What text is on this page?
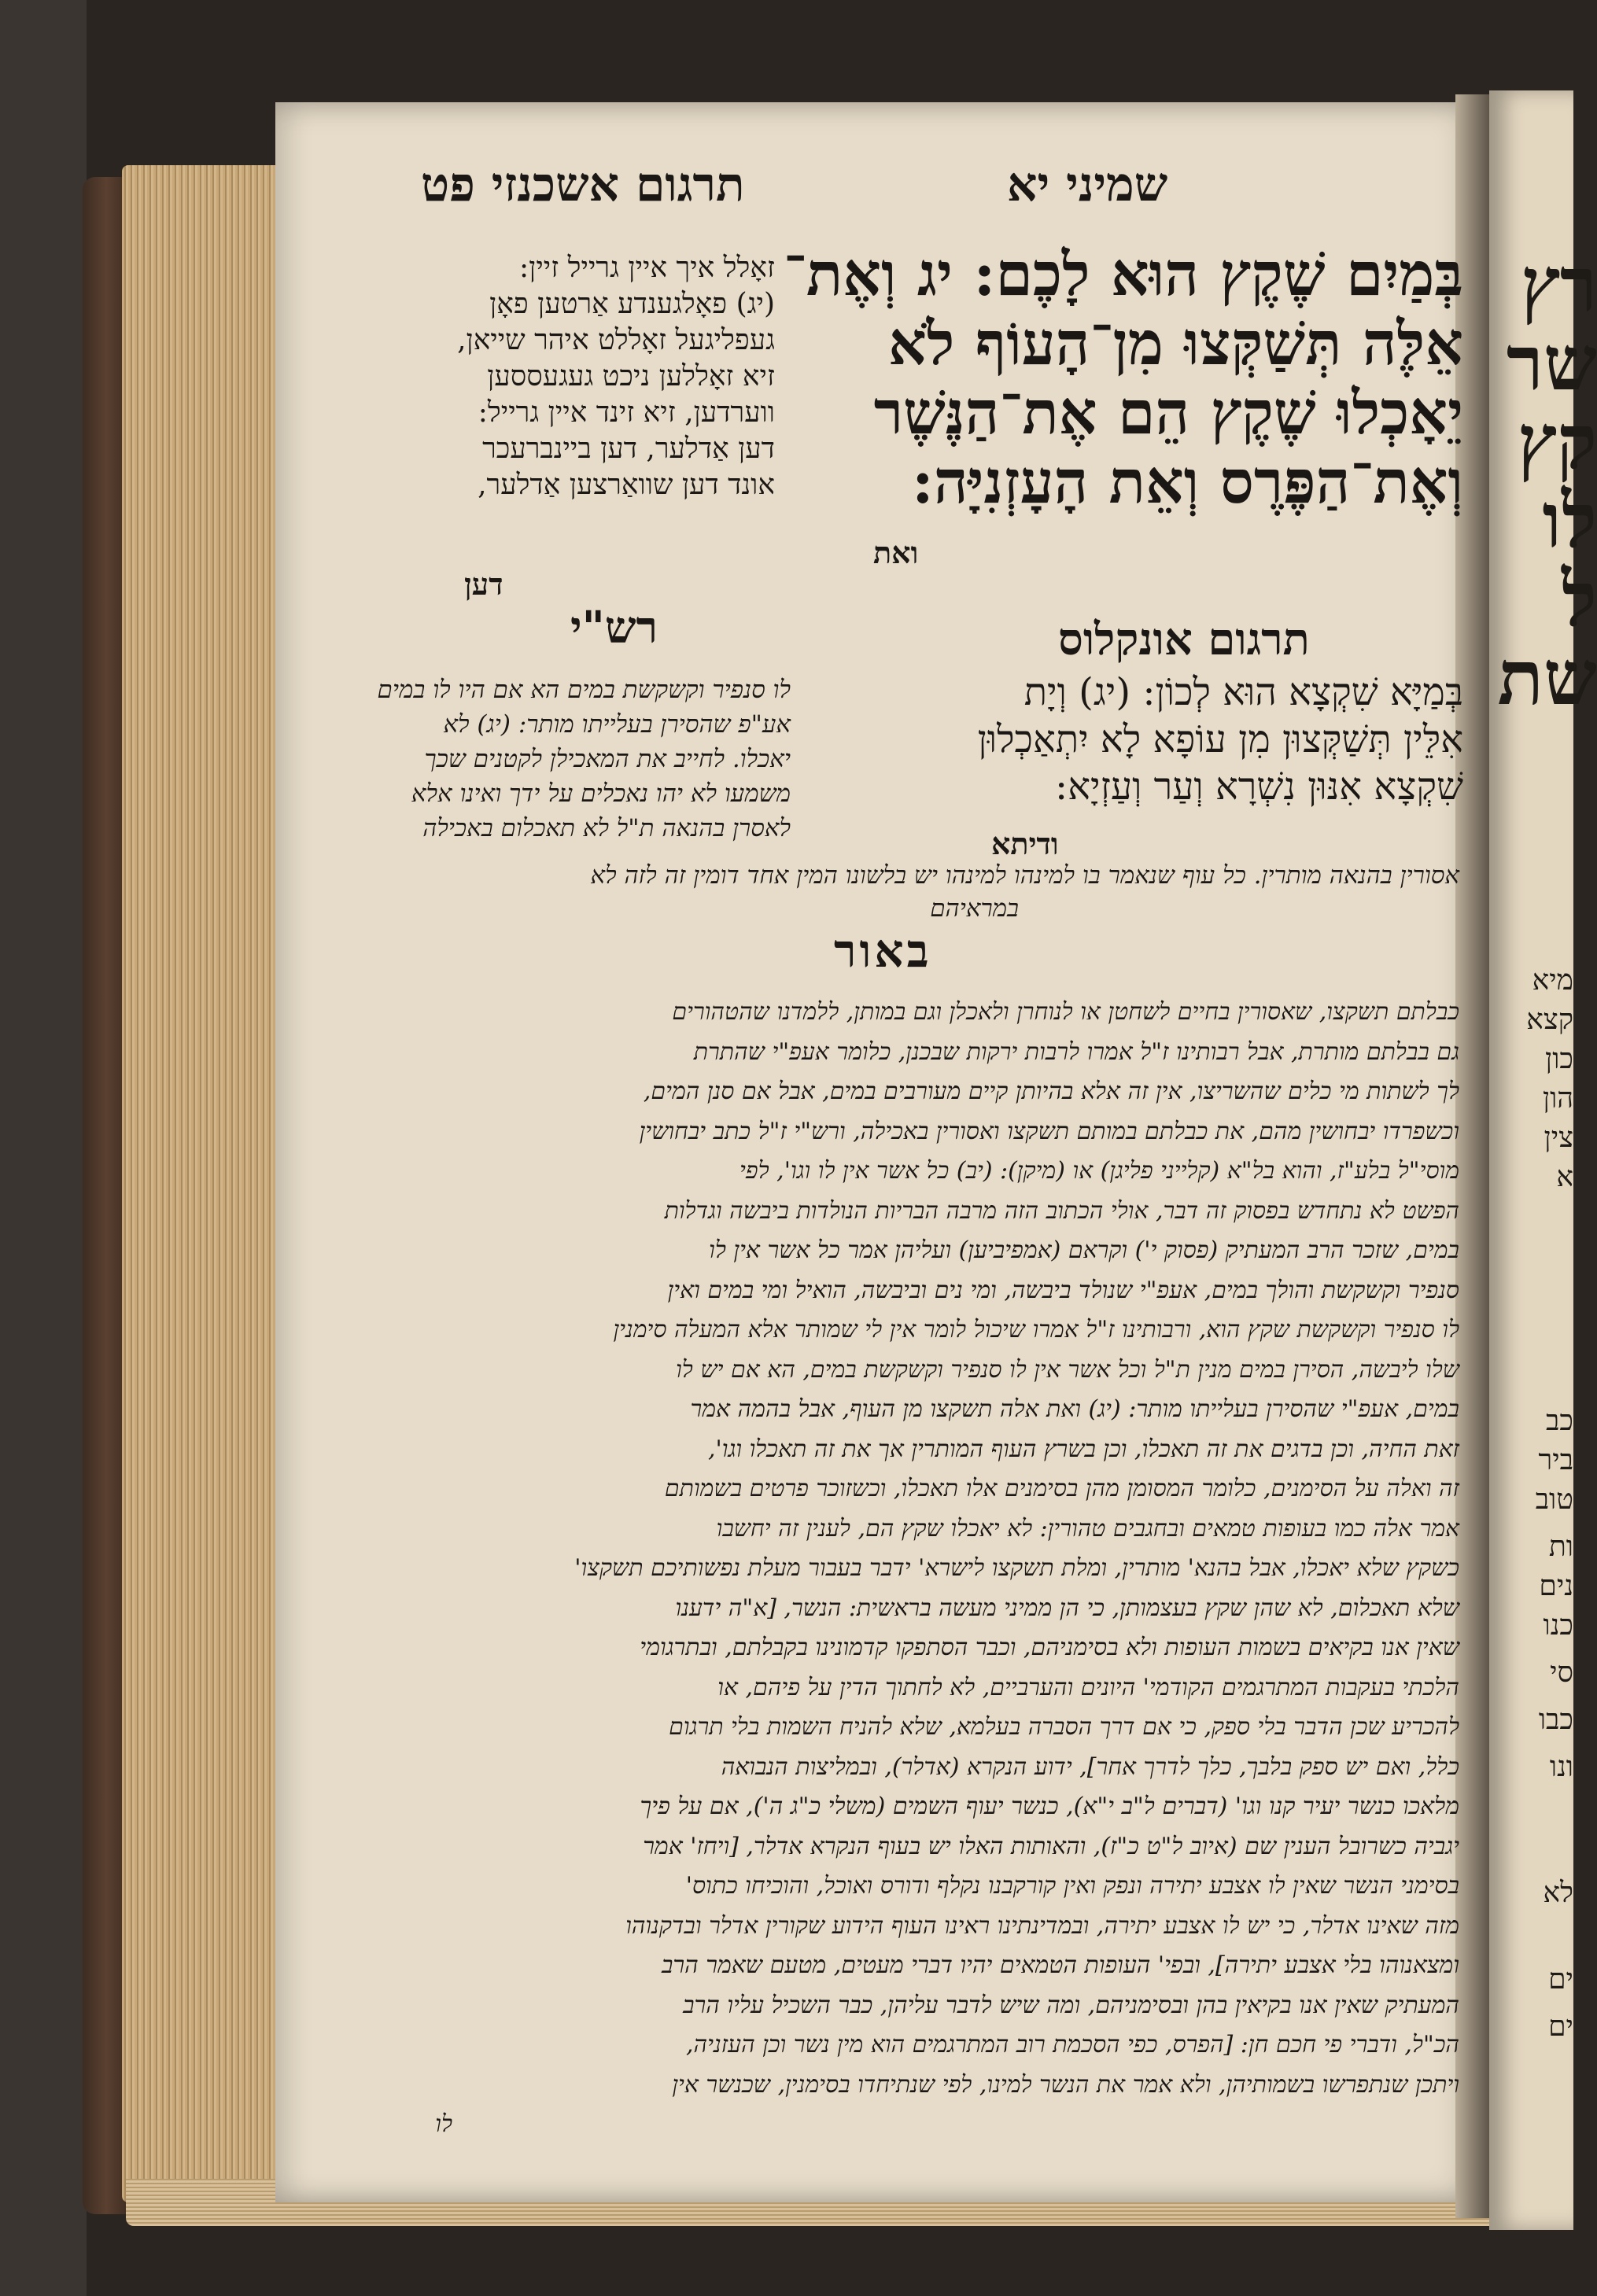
רץ
שר
קץ
לו
ל
שת
מיא
קצא
כון
הון
צין
א
כב
ביר
טוב
ות
נים
כנו
סי
כבו
ונו
לא
ים
ים
שמיני יא
תרגום אשכנזי פט
בְּמַיִם שֶׁקֶץ הוּא לָכֶם: יג וְאֶת־
אֵלֶּה תְּשַׁקְּצוּ מִן־הָעוֹף לֹא
יֵאָכְלוּ שֶׁקֶץ הֵם אֶת־הַנֶּשֶׁר
וְאֶת־הַפֶּרֶס וְאֵת הָעָזְנִיָּה:
ואת
זאָלל איך איין גרייל זיין:
(יג) פאָלגענדע אַרטען פאָן
געפליגעל זאָללט איהר שייאן,
זיא זאָללען ניכט געגעססען
ווערדען, זיא זינד איין גרייל:
דען אַדלער, דען ביינברעכר
אונד דען שוואַרצען אַדלער,
דען
תרגום אונקלוס
רש"י
בְּמַיָּא שִׁקְצָא הוּא לְכוֹן: (יג) וְיָת
אִלֵּין תְּשַׁקְּצוּן מִן עוֹפָא לָא יִתְאַכְלוּן
שִׁקְצָא אִנּוּן נִשְׁרָא וְעַר וְעַזְיָא:
ודיתא
לו סנפיר וקשקשת במים הא אם היו לו במים
אע"פ שהסירן בעלייתו מותר: (יג) לא
יאכלו. לחייב את המאכילן לקטנים שכך
משמעו לא יהו נאכלים על ידך ואינו אלא
לאסרן בהנאה ת"ל לא תאכלום באכילה
אסורין בהנאה מותרין. כל עוף שנאמר בו למינהו למינהו יש בלשונו המין אחד דומין זה לזה לא
במראיהם
באור
כבלתם תשקצו, שאסורין בחיים לשחטן או לנוחרן ולאכלן וגם במותן, ללמדנו שהטהורים
גם בבלתם מותרת, אבל רבותינו ז"ל אמרו לרבות ירקות שבכנן, כלומר אעפ"י שהתרת
לך לשתות מי כלים שהשריצו, אין זה אלא בהיותן קיים מעורבים במים, אבל אם סנן המים,
וכשפרדו יבחושין מהם, את כבלתם במותם תשקצו ואסורין באכילה, ורש"י ז"ל כתב יבחושין
מוסי"ל בלע"ז, והוא בל"א (קלייני פליגן) או (מיקן): (יב) כל אשר אין לו וגו', לפי
הפשט לא נתחדש בפסוק זה דבר, אולי הכתוב הזה מרבה הבריות הנולדות ביבשה וגדלות
במים, שזכר הרב המעתיק (פסוק י') וקראם (אמפיביען) ועליהן אמר כל אשר אין לו
סנפיר וקשקשת והולך במים, אעפ"י שנולד ביבשה, ומי נים וביבשה, הואיל ומי במים ואין
לו סנפיר וקשקשת שקץ הוא, ורבותינו ז"ל אמרו שיכול לומר אין לי שמותר אלא המעלה סימנין
שלו ליבשה, הסירן במים מנין ת"ל וכל אשר אין לו סנפיר וקשקשת במים, הא אם יש לו
במים, אעפ"י שהסירן בעלייתו מותר: (יג) ואת אלה תשקצו מן העוף, אבל בהמה אמר
זאת החיה, וכן בדגים את זה תאכלו, וכן בשרץ העוף המותרין אך את זה תאכלו וגו',
זה ואלה על הסימנים, כלומר המסומן מהן בסימנים אלו תאכלו, וכשזוכר פרטים בשמותם
אמר אלה כמו בעופות טמאים ובחגבים טהורין: לא יאכלו שקץ הם, לענין זה יחשבו
כשקץ שלא יאכלו, אבל בהנא' מותרין, ומלת תשקצו לישרא' ידבר בעבור מעלת נפשותיכם תשקצו'
שלא תאכלום, לא שהן שקץ בעצמותן, כי הן ממיני מעשה בראשית: הנשר, [א"ה ידענו
שאין אנו בקיאים בשמות העופות ולא בסימניהם, וכבר הסתפקו קדמונינו בקבלתם, ובתרגומי
הלכתי בעקבות המתרגמים הקודמי' היונים והערביים, לא לחתוך הדין על פיהם, או
להכריע שכן הדבר בלי ספק, כי אם דרך הסברה בעלמא, שלא להניח השמות בלי תרגום
כלל, ואם יש ספק בלבך, כלך לדרך אחר], ידוע הנקרא (אדלר), ובמליצות הנבואה
מלאכו כנשר יעיר קנו וגו' (דברים ל"ב י"א), כנשר יעוף השמים (משלי כ"ג ה'), אם על פיך
יגביה כשרובל הענין שם (איוב ל"ט כ"ז), והאותות האלו יש בעוף הנקרא אדלר, [ויחז' אמר
בסימני הנשר שאין לו אצבע יתירה ונפק ואין קורקבנו נקלף ודורס ואוכל, והוכיחו כתוס'
מזה שאינו אדלר, כי יש לו אצבע יתירה, ובמדינתינו ראינו העוף הידוע שקורין אדלר ובדקנוהו
ומצאנוהו בלי אצבע יתירה], ובפי' העופות הטמאים יהיו דברי מעטים, מטעם שאמר הרב
המעתיק שאין אנו בקיאין בהן ובסימניהם, ומה שיש לדבר עליהן, כבר השכיל עליו הרב
הכ"ל, ודברי פי חכם חן: [הפרס, כפי הסכמת רוב המתרגמים הוא מין נשר וכן העזניה,
ויתכן שנתפרשו בשמותיהן, ולא אמר את הנשר למינו, לפי שנתיחדו בסימנין, שכנשר אין
לו
